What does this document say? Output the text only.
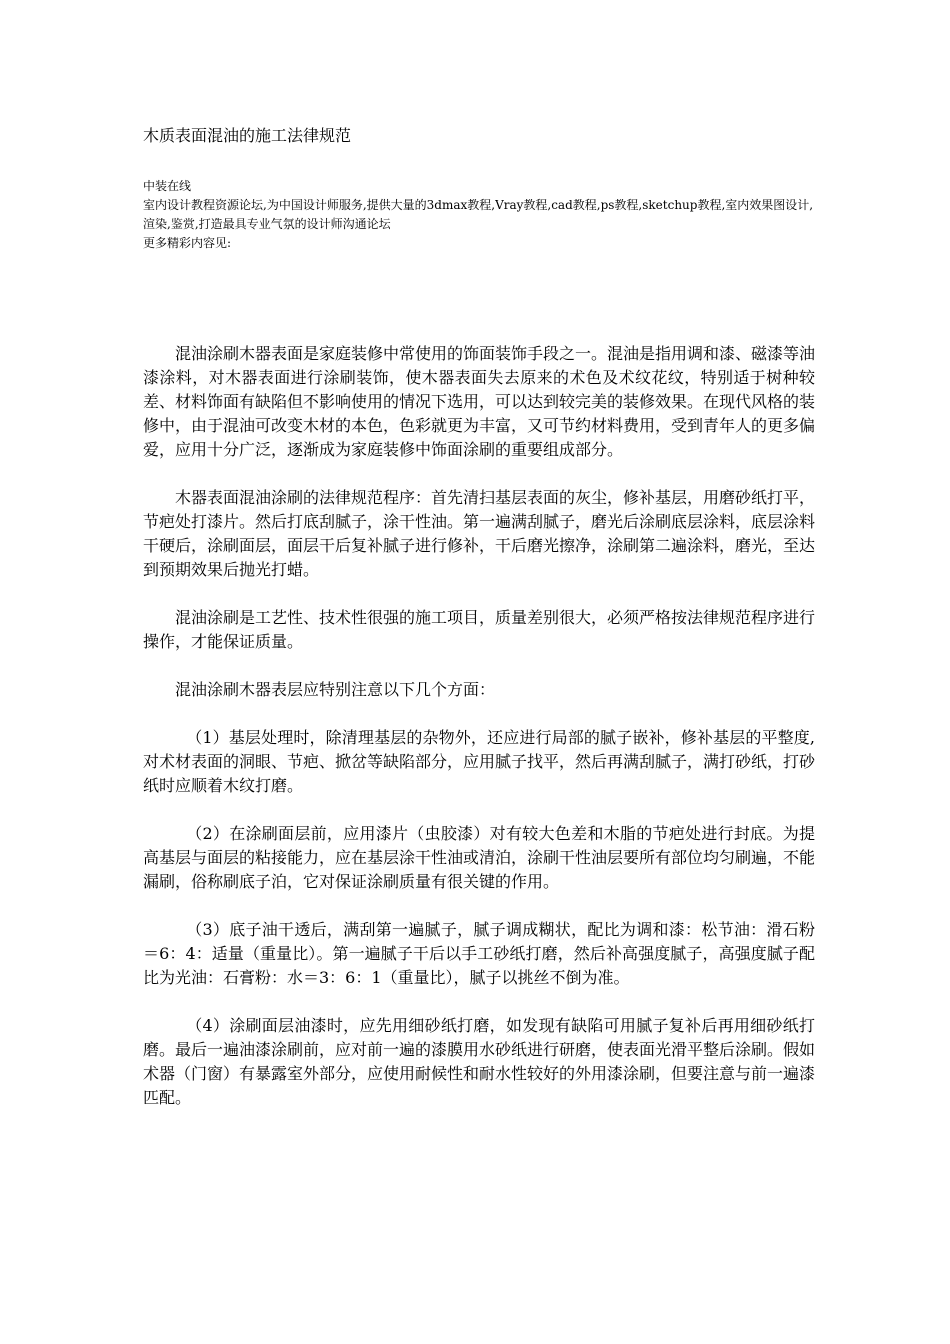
木质表面混油的施工法律规范
中装在线
室内设计教程资源论坛,为中国设计师服务,提供大量的3dmax教程,Vray教程,cad教程,ps教程,sketchup教程,室内效果图设计,渲染,鉴赏,打造最具专业气氛的设计师沟通论坛
更多精彩内容见:

混油涂刷木器表面是家庭装修中常使用的饰面装饰手段之一。混油是指用调和漆、磁漆等油漆涂料，对木器表面进行涂刷装饰，使木器表面失去原来的术色及术纹花纹，特别适于树种较差、材料饰面有缺陷但不影响使用的情况下选用，可以达到较完美的装修效果。在现代风格的装修中，由于混油可改变木材的本色，色彩就更为丰富，又可节约材料费用，受到青年人的更多偏爱，应用十分广泛，逐渐成为家庭装修中饰面涂刷的重要组成部分。

木器表面混油涂刷的法律规范程序：首先清扫基层表面的灰尘，修补基层，用磨砂纸打平，节疤处打漆片。然后打底刮腻子，涂干性油。第一遍满刮腻子，磨光后涂刷底层涂料，底层涂料干硬后，涂刷面层，面层干后复补腻子进行修补，干后磨光擦净，涂刷第二遍涂料，磨光，至达到预期效果后抛光打蜡。

混油涂刷是工艺性、技术性很强的施工项目，质量差别很大，必须严格按法律规范程序进行操作，才能保证质量。

混油涂刷木器表层应特别注意以下几个方面：

（1）基层处理时，除清理基层的杂物外，还应进行局部的腻子嵌补，修补基层的平整度,对术材表面的洞眼、节疤、掀岔等缺陷部分，应用腻子找平，然后再满刮腻子，满打砂纸，打砂纸时应顺着木纹打磨。

（2）在涂刷面层前，应用漆片（虫胶漆）对有较大色差和木脂的节疤处进行封底。为提高基层与面层的粘接能力，应在基层涂干性油或清泊，涂刷干性油层要所有部位均匀刷遍，不能漏刷，俗称刷底子泊，它对保证涂刷质量有很关键的作用。

（3）底子油干透后，满刮第一遍腻子，腻子调成糊状，配比为调和漆：松节油：滑石粉＝6：4：适量（重量比）。第一遍腻子干后以手工砂纸打磨，然后补高强度腻子，高强度腻子配比为光油：石膏粉：水＝3：6：1（重量比），腻子以挑丝不倒为准。

（4）涂刷面层油漆时，应先用细砂纸打磨，如发现有缺陷可用腻子复补后再用细砂纸打磨。最后一遍油漆涂刷前，应对前一遍的漆膜用水砂纸进行研磨，使表面光滑平整后涂刷。假如术器（门窗）有暴露室外部分，应使用耐候性和耐水性较好的外用漆涂刷，但要注意与前一遍漆匹配。
